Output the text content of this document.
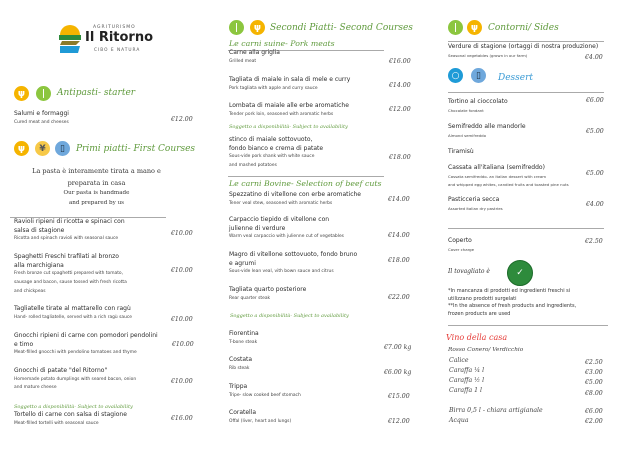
AGRITURISMO
Il Ritorno
CIBO E NATURA
ψ	|	Antipasti- starter
Salumi e formaggi
Cured meat and cheeses	€12.00
ψ	¥	▯	Primi piatti- First Courses
La pasta è interamente tirata a mano e
preparata in casa
Our pasta is handmade
and prepared by us
Ravioli ripieni di ricotta e spinaci con
salsa di stagione
Ricotta and spinach ravioli with seasonal sauce
€10.00
Spaghetti Freschi trafilati al bronzo
alla marchigiana
Fresh bronze cut spaghetti prepared with tomato,
sausage and bacon, sause tossed with fresh ricotta
and chickpeas
€10.00
Tagliatelle tirate al mattarello con ragù
Hand- rolled tagliatelle, served with a rich ragù sauce	€10.00
Gnocchi ripieni di carne con pomodori pendolini
e timo
Meat-filled gnocchi with pendolino tomatoes and thyme
€10.00
Gnocchi di patate "del Ritorno"
Homemade potato dumplings with seared bacon, onion
and mature cheese
€10.00
Soggetto a disponibilità- Subject to availability
Tortello di carne con salsa di stagione
Meat-filled tortelli with seasonal sauce
€16.00
|	ψ Secondi Piatti- Second Courses
Le carni suine- Pork meats
Carne alla griglia
Grilled meat	€16.00
Tagliata di maiale in sala di mele e curry
Pork tagliata with apple and curry sauce	€14.00
Lombata di maiale alle erbe aromatiche
Tender pork loin, seasoned with aromatic herbs
€12.00
Soggetto a disponibilità- Subject to availability
stinco di maiale sottovuoto,
fondo bianco e crema di patate
Sous-vide pork shank with white sauce
and mashed potatoes
€18.00
Le carni Bovine- Selection of beef cuts
Spezzatino di vitellone con erbe aromatiche
Tener veal stew, seasoned with aromatic herbs
€14.00
Carpaccio tiepido di vitellone con
julienne di verdure
Warm veal carpaccio with julienne cut of vegetables	€14.00
Magro di vitellone sottovuoto, fondo bruno
e agrumi
Sous-vide lean veal, vith bown sauce and citrus
€18.00
Tagliata quarto posteriore
Rear quarter steak	€22.00
Soggetto a disponibilità- Subject to availability
Fiorentina
T-bone steak
€7.00 kg
Costata
Rib steak
€6.00 kg
Trippa
Tripe- slow cooked beef stomach	€15.00
Coratella
Offal (liver, heart and lungs)	€12.00
|	ψ	Contorni/ Sides
Verdure di stagione (ortaggi di nostra produzione)
Seasonal vegetables (grown in our farm)	€4.00
○	▯	Dessert
Tortino al cioccolato
Chocolate fondant
€6.00
Semifreddo alle mandorle
Almond semifreddo
€5.00
Tiramisù
Cassata all'italiana (semifreddo)
Cassata semifreddo- an italian dessert with cream
and whipped egg whites, candied fruits and toasted pine nuts
€5.00
Pasticceria secca
Assorted italian dry pastries
€4.00
Coperto
Cover charge
€2.50
Il tovagliato è	✓
*In mancanza di prodotti ed ingredienti freschi si
utilizzano prodotti surgelati
**In the absence of fresh products and ingredients,
frozen products are used
Vino della casa
Rosso Conero/ Verdicchio
Calice	€2.50
Caraffa ¼ l	€3.00
Caraffa ½ l	€5.00
Caraffa 1 l	€8.00
Birra 0,5 l - chiara artigianale	€6.00
Acqua	€2.00
